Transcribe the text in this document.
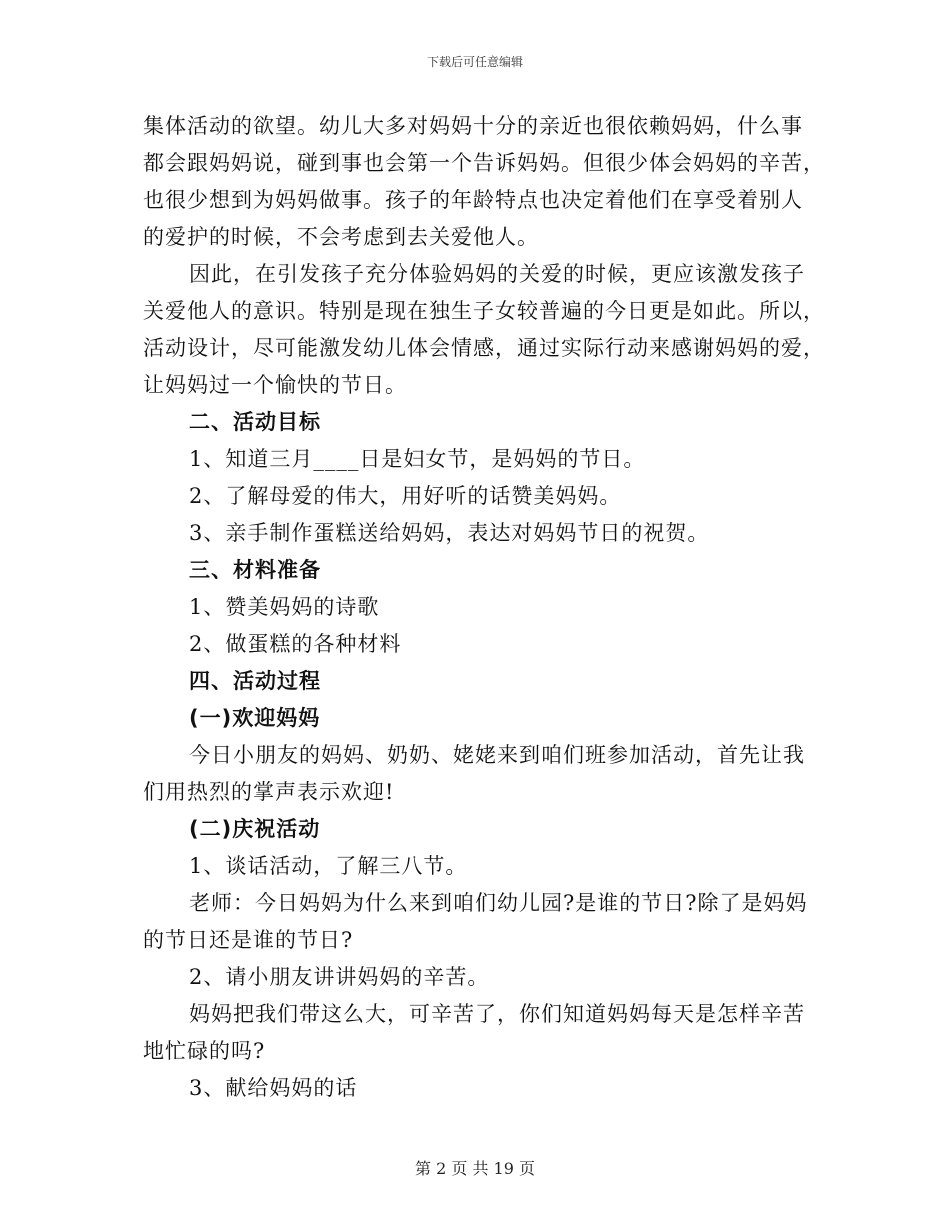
下载后可任意编辑
集体活动的欲望。幼儿大多对妈妈十分的亲近也很依赖妈妈，什么事
都会跟妈妈说，碰到事也会第一个告诉妈妈。但很少体会妈妈的辛苦，
也很少想到为妈妈做事。孩子的年龄特点也决定着他们在享受着别人
的爱护的时候，不会考虑到去关爱他人。
因此，在引发孩子充分体验妈妈的关爱的时候，更应该激发孩子
关爱他人的意识。特别是现在独生子女较普遍的今日更是如此。所以，
活动设计，尽可能激发幼儿体会情感，通过实际行动来感谢妈妈的爱，
让妈妈过一个愉快的节日。
二、活动目标
1、知道三月____日是妇女节，是妈妈的节日。
2、了解母爱的伟大，用好听的话赞美妈妈。
3、亲手制作蛋糕送给妈妈，表达对妈妈节日的祝贺。
三、材料准备
1、赞美妈妈的诗歌
2、做蛋糕的各种材料
四、活动过程
(一)欢迎妈妈
今日小朋友的妈妈、奶奶、姥姥来到咱们班参加活动，首先让我
们用热烈的掌声表示欢迎!
(二)庆祝活动
1、谈话活动，了解三八节。
老师：今日妈妈为什么来到咱们幼儿园?是谁的节日?除了是妈妈
的节日还是谁的节日?
2、请小朋友讲讲妈妈的辛苦。
妈妈把我们带这么大，可辛苦了，你们知道妈妈每天是怎样辛苦
地忙碌的吗?
3、献给妈妈的话
第 2 页 共 19 页
